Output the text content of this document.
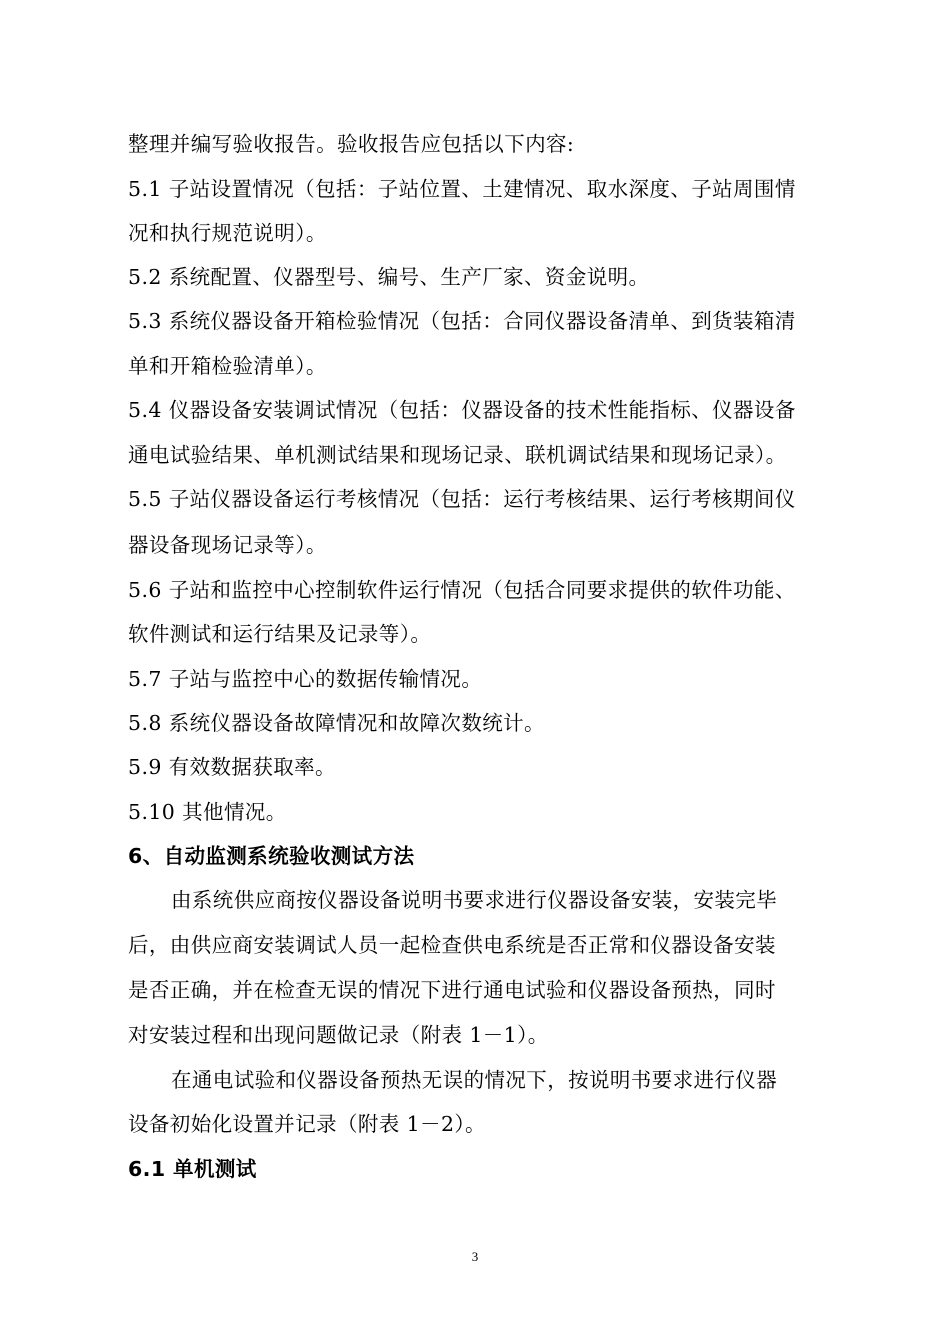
整理并编写验收报告。验收报告应包括以下内容:
5.1 子站设置情况（包括：子站位置、土建情况、取水深度、子站周围情
况和执行规范说明）。
5.2 系统配置、仪器型号、编号、生产厂家、资金说明。
5.3 系统仪器设备开箱检验情况（包括：合同仪器设备清单、到货装箱清
单和开箱检验清单）。
5.4 仪器设备安装调试情况（包括：仪器设备的技术性能指标、仪器设备
通电试验结果、单机测试结果和现场记录、联机调试结果和现场记录）。
5.5 子站仪器设备运行考核情况（包括：运行考核结果、运行考核期间仪
器设备现场记录等）。
5.6 子站和监控中心控制软件运行情况（包括合同要求提供的软件功能、
软件测试和运行结果及记录等）。
5.7 子站与监控中心的数据传输情况。
5.8 系统仪器设备故障情况和故障次数统计。
5.9 有效数据获取率。
5.10 其他情况。
6、自动监测系统验收测试方法
由系统供应商按仪器设备说明书要求进行仪器设备安装，安装完毕
后，由供应商安装调试人员一起检查供电系统是否正常和仪器设备安装
是否正确，并在检查无误的情况下进行通电试验和仪器设备预热，同时
对安装过程和出现问题做记录（附表 1－1）。
在通电试验和仪器设备预热无误的情况下，按说明书要求进行仪器
设备初始化设置并记录（附表 1－2）。
6.1 单机测试
3
